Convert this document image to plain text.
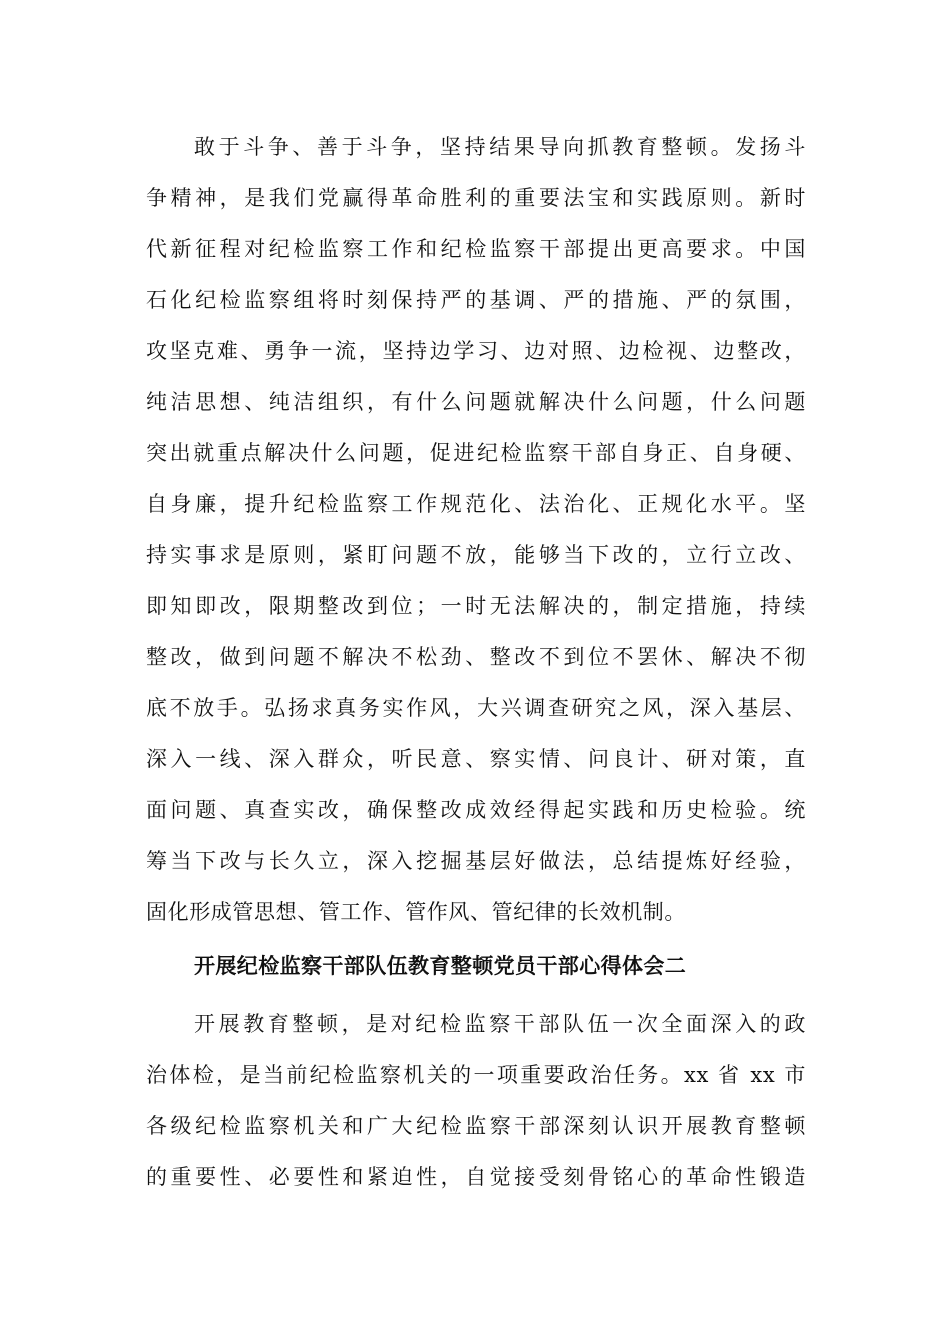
敢于斗争、善于斗争，坚持结果导向抓教育整顿。发扬斗
争精神，是我们党赢得革命胜利的重要法宝和实践原则。新时
代新征程对纪检监察工作和纪检监察干部提出更高要求。中国
石化纪检监察组将时刻保持严的基调、严的措施、严的氛围，
攻坚克难、勇争一流，坚持边学习、边对照、边检视、边整改，
纯洁思想、纯洁组织，有什么问题就解决什么问题，什么问题
突出就重点解决什么问题，促进纪检监察干部自身正、自身硬、
自身廉，提升纪检监察工作规范化、法治化、正规化水平。坚
持实事求是原则，紧盯问题不放，能够当下改的，立行立改、
即知即改，限期整改到位；一时无法解决的，制定措施，持续
整改，做到问题不解决不松劲、整改不到位不罢休、解决不彻
底不放手。弘扬求真务实作风，大兴调查研究之风，深入基层、
深入一线、深入群众，听民意、察实情、问良计、研对策，直
面问题、真查实改，确保整改成效经得起实践和历史检验。统
筹当下改与长久立，深入挖掘基层好做法，总结提炼好经验，
固化形成管思想、管工作、管作风、管纪律的长效机制。
开展纪检监察干部队伍教育整顿党员干部心得体会二
开展教育整顿，是对纪检监察干部队伍一次全面深入的政
治体检，是当前纪检监察机关的一项重要政治任务。xx 省 xx 市
各级纪检监察机关和广大纪检监察干部深刻认识开展教育整顿
的重要性、必要性和紧迫性，自觉接受刻骨铭心的革命性锻造
